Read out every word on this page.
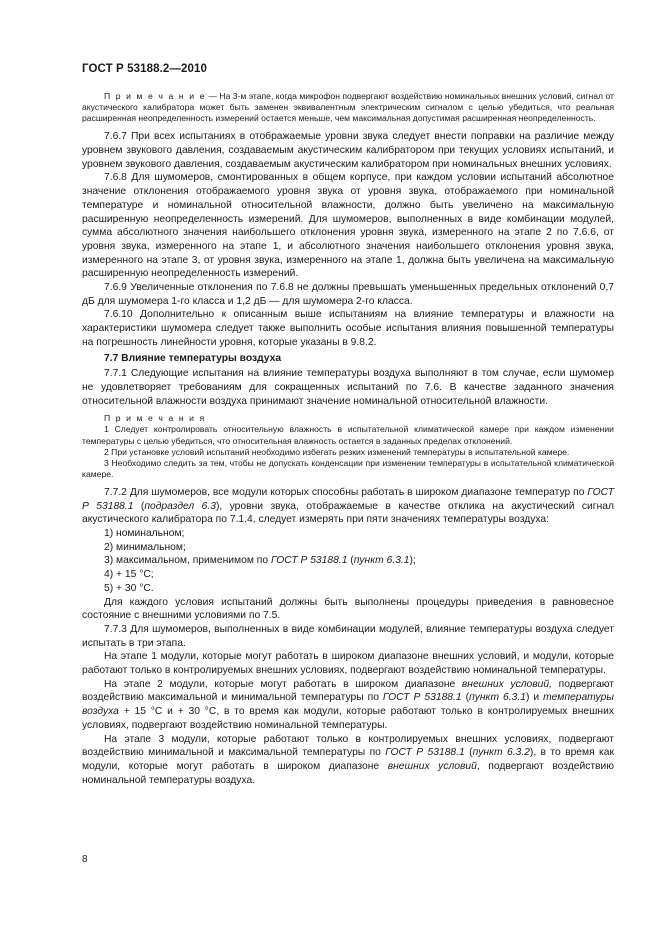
ГОСТ Р 53188.2—2010

П р и м е ч а н и е — На 3-м этапе, когда микрофон подвергают воздействию номинальных внешних условий, сигнал от акустического калибратора может быть заменен эквивалентным электрическим сигналом с целью убедиться, что реальная расширенная неопределенность измерений остается меньше, чем максимальная допустимая расширенная неопределенность.

7.6.7 При всех испытаниях в отображаемые уровни звука следует внести поправки на различие между уровнем звукового давления, создаваемым акустическим калибратором при текущих условиях испытаний, и уровнем звукового давления, создаваемым акустическим калибратором при номинальных внешних условиях.

7.6.8 Для шумомеров, смонтированных в общем корпусе, при каждом условии испытаний абсолютное значение отклонения отображаемого уровня звука от уровня звука, отображаемого при номинальной температуре и номинальной относительной влажности, должно быть увеличено на максимальную расширенную неопределенность измерений. Для шумомеров, выполненных в виде комбинации модулей, сумма абсолютного значения наибольшего отклонения уровня звука, измеренного на этапе 2 по 7.6.6, от уровня звука, измеренного на этапе 1, и абсолютного значения наибольшего отклонения уровня звука, измеренного на этапе 3, от уровня звука, измеренного на этапе 1, должна быть увеличена на максимальную расширенную неопределенность измерений.

7.6.9 Увеличенные отклонения по 7.6.8 не должны превышать уменьшенных предельных отклонений 0,7 дБ для шумомера 1-го класса и 1,2 дБ — для шумомера 2-го класса.

7.6.10 Дополнительно к описанным выше испытаниям на влияние температуры и влажности на характеристики шумомера следует также выполнить особые испытания влияния повышенной температуры на погрешность линейности уровня, которые указаны в 9.8.2.

7.7 Влияние температуры воздуха

7.7.1 Следующие испытания на влияние температуры воздуха выполняют в том случае, если шумомер не удовлетворяет требованиям для сокращенных испытаний по 7.6. В качестве заданного значения относительной влажности воздуха принимают значение номинальной относительной влажности.

П р и м е ч а н и я

1 Следует контролировать относительную влажность в испытательной климатической камере при каждом изменении температуры с целью убедиться, что относительная влажность остается в заданных пределах отклонений.

2 При установке условий испытаний необходимо избегать резких изменений температуры в испытательной камере.

3 Необходимо следить за тем, чтобы не допускать конденсации при изменении температуры в испытательной климатической камере.

7.7.2 Для шумомеров, все модули которых способны работать в широком диапазоне температур по ГОСТ Р 53188.1 (подраздел 6.3), уровни звука, отображаемые в качестве отклика на акустический сигнал акустического калибратора по 7.1.4, следует измерять при пяти значениях температуры воздуха:

1) номинальном;

2) минимальном;

3) максимальном, применимом по ГОСТ Р 53188.1 (пункт 6.3.1);

4) + 15 °С;

5) + 30 °С.

Для каждого условия испытаний должны быть выполнены процедуры приведения в равновесное состояние с внешними условиями по 7.5.

7.7.3 Для шумомеров, выполненных в виде комбинации модулей, влияние температуры воздуха следует испытать в три этапа.

На этапе 1 модули, которые могут работать в широком диапазоне внешних условий, и модули, которые работают только в контролируемых внешних условиях, подвергают воздействию номинальной температуры.

На этапе 2 модули, которые могут работать в широком диапазоне внешних условий, подвергают воздействию максимальной и минимальной температуры по ГОСТ Р 53188.1 (пункт 6.3.1) и температуры воздуха + 15 °С и + 30 °С, в то время как модули, которые работают только в контролируемых внешних условиях, подвергают воздействию номинальной температуры.

На этапе 3 модули, которые работают только в контролируемых внешних условиях, подвергают воздействию минимальной и максимальной температуры по ГОСТ Р 53188.1 (пункт 6.3.2), в то время как модули, которые могут работать в широком диапазоне внешних условий, подвергают воздействию номинальной температуры воздуха.

8
